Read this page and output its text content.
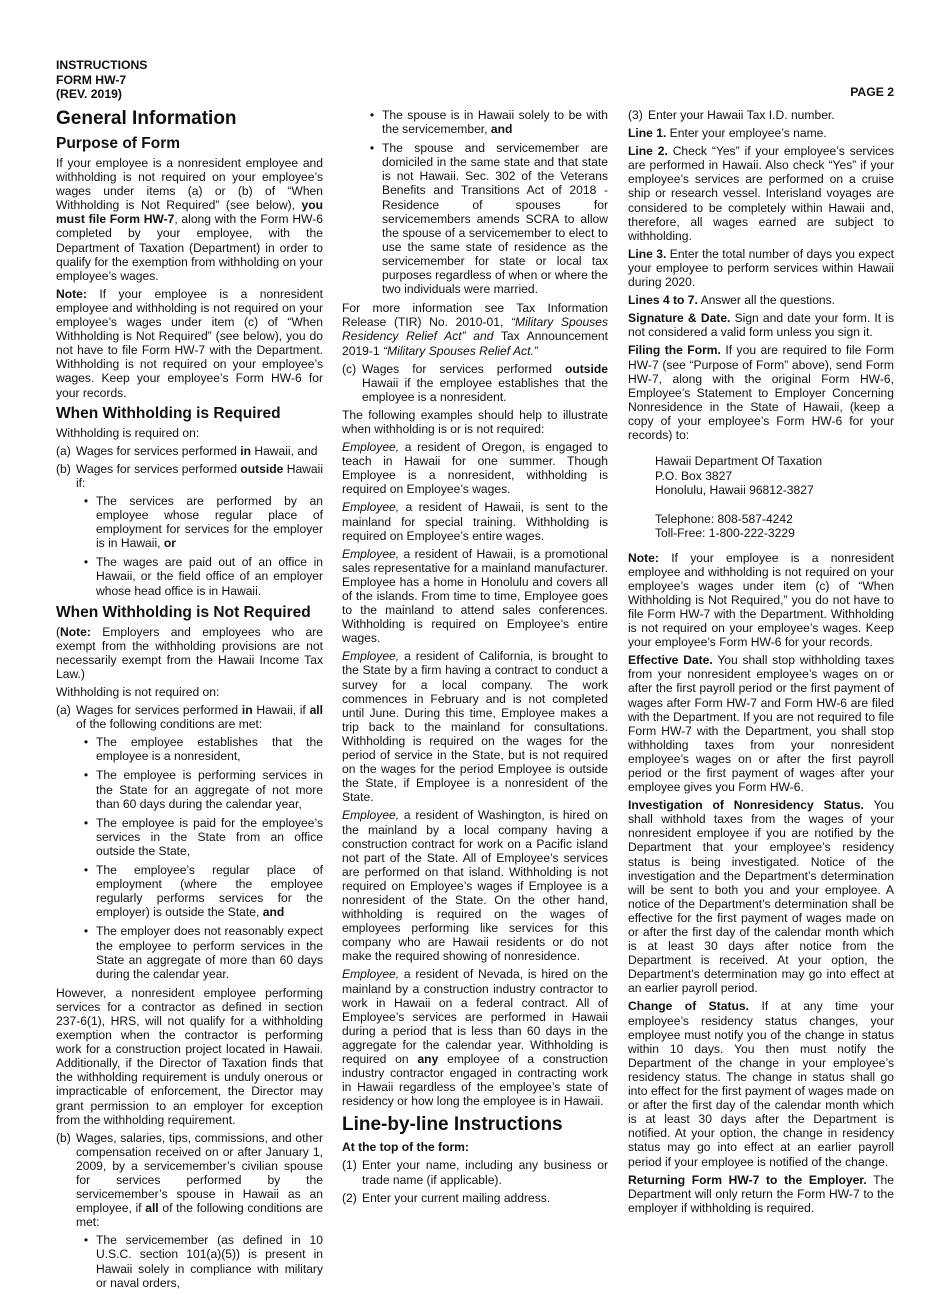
INSTRUCTIONS
FORM HW-7
(REV. 2019)	PAGE 2
General Information
Purpose of Form

If your employee is a nonresident employee and withholding is not required on your employee’s wages under items (a) or (b) of “When Withholding is Not Required” (see below), you must file Form HW-7, along with the Form HW-6 completed by your employee, with the Department of Taxation (Department) in order to qualify for the exemption from withholding on your employee’s wages.

Note: If your employee is a nonresident employee and withholding is not required on your employee’s wages under item (c) of “When Withholding is Not Required” (see below), you do not have to file Form HW-7 with the Department. Withholding is not required on your employee’s wages. Keep your employee’s Form HW-6 for your records.

When Withholding is Required

Withholding is required on:

(a) Wages for services performed in Hawaii, and
(b) Wages for services performed outside Hawaii if:
• The services are performed by an employee whose regular place of employment for services for the employer is in Hawaii, or
• The wages are paid out of an office in Hawaii, or the field office of an employer whose head office is in Hawaii.
When Withholding is Not Required

(Note: Employers and employees who are exempt from the withholding provisions are not necessarily exempt from the Hawaii Income Tax Law.)

Withholding is not required on:

(a) Wages for services performed in Hawaii, if all of the following conditions are met:
• The employee establishes that the employee is a nonresident,
• The employee is performing services in the State for an aggregate of not more than 60 days during the calendar year,
• The employee is paid for the employee’s services in the State from an office outside the State,
• The employee’s regular place of employment (where the employee regularly performs services for the employer) is outside the State, and
• The employer does not reasonably expect the employee to perform services in the State an aggregate of more than 60 days during the calendar year.

However, a nonresident employee performing services for a contractor as defined in section 237-6(1), HRS, will not qualify for a withholding exemption when the contractor is performing work for a construction project located in Hawaii. Additionally, if the Director of Taxation finds that the withholding requirement is unduly onerous or impracticable of enforcement, the Director may grant permission to an employer for exception from the withholding requirement.

(b) Wages, salaries, tips, commissions, and other compensation received on or after January 1, 2009, by a servicemember’s civilian spouse for services performed by the servicemember’s spouse in Hawaii as an employee, if all of the following conditions are met:
• The servicemember (as defined in 10 U.S.C. section 101(a)(5)) is present in Hawaii solely in compliance with military or naval orders,
• The spouse is in Hawaii solely to be with the servicemember, and
• The spouse and servicemember are domiciled in the same state and that state is not Hawaii. Sec. 302 of the Veterans Benefits and Transitions Act of 2018 - Residence of spouses for servicemembers amends SCRA to allow the spouse of a servicemember to elect to use the same state of residence as the servicemember for state or local tax purposes regardless of when or where the two individuals were married.

For more information see Tax Information Release (TIR) No. 2010-01, “Military Spouses Residency Relief Act” and Tax Announcement 2019-1 “Military Spouses Relief Act.”

(c) Wages for services performed outside Hawaii if the employee establishes that the employee is a nonresident.

The following examples should help to illustrate when withholding is or is not required:

Employee, a resident of Oregon, is engaged to teach in Hawaii for one summer. Though Employee is a nonresident, withholding is required on Employee’s wages.

Employee, a resident of Hawaii, is sent to the mainland for special training. Withholding is required on Employee’s entire wages.

Employee, a resident of Hawaii, is a promotional sales representative for a mainland manufacturer. Employee has a home in Honolulu and covers all of the islands. From time to time, Employee goes to the mainland to attend sales conferences. Withholding is required on Employee’s entire wages.

Employee, a resident of California, is brought to the State by a firm having a contract to conduct a survey for a local company. The work commences in February and is not completed until June. During this time, Employee makes a trip back to the mainland for consultations. Withholding is required on the wages for the period of service in the State, but is not required on the wages for the period Employee is outside the State, if Employee is a nonresident of the State.

Employee, a resident of Washington, is hired on the mainland by a local company having a construction contract for work on a Pacific island not part of the State. All of Employee’s services are performed on that island. Withholding is not required on Employee’s wages if Employee is a nonresident of the State. On the other hand, withholding is required on the wages of employees performing like services for this company who are Hawaii residents or do not make the required showing of nonresidence.

Employee, a resident of Nevada, is hired on the mainland by a construction industry contractor to work in Hawaii on a federal contract. All of Employee’s services are performed in Hawaii during a period that is less than 60 days in the aggregate for the calendar year. Withholding is required on any employee of a construction industry contractor engaged in contracting work in Hawaii regardless of the employee’s state of residency or how long the employee is in Hawaii.

Line-by-line Instructions

At the top of the form:

(1) Enter your name, including any business or trade name (if applicable).
(2) Enter your current mailing address.
(3) Enter your Hawaii Tax I.D. number.

Line 1. Enter your employee’s name.

Line 2. Check “Yes” if your employee’s services are performed in Hawaii. Also check “Yes” if your employee’s services are performed on a cruise ship or research vessel. Interisland voyages are considered to be completely within Hawaii and, therefore, all wages earned are subject to withholding.

Line 3. Enter the total number of days you expect your employee to perform services within Hawaii during 2020.

Lines 4 to 7. Answer all the questions.

Signature & Date. Sign and date your form. It is not considered a valid form unless you sign it.

Filing the Form. If you are required to file Form HW-7 (see “Purpose of Form” above), send Form HW-7, along with the original Form HW-6, Employee’s Statement to Employer Concerning Nonresidence in the State of Hawaii, (keep a copy of your employee’s Form HW-6 for your records) to:

Hawaii Department Of Taxation
P.O. Box 3827
Honolulu, Hawaii 96812-3827
Telephone: 808-587-4242
Toll-Free: 1-800-222-3229

Note: If your employee is a nonresident employee and withholding is not required on your employee’s wages under item (c) of “When Withholding is Not Required,” you do not have to file Form HW-7 with the Department. Withholding is not required on your employee’s wages. Keep your employee’s Form HW-6 for your records.

Effective Date. You shall stop withholding taxes from your nonresident employee’s wages on or after the first payroll period or the first payment of wages after Form HW-7 and Form HW-6 are filed with the Department. If you are not required to file Form HW-7 with the Department, you shall stop withholding taxes from your nonresident employee’s wages on or after the first payroll period or the first payment of wages after your employee gives you Form HW-6.

Investigation of Nonresidency Status. You shall withhold taxes from the wages of your nonresident employee if you are notified by the Department that your employee’s residency status is being investigated. Notice of the investigation and the Department’s determination will be sent to both you and your employee. A notice of the Department’s determination shall be effective for the first payment of wages made on or after the first day of the calendar month which is at least 30 days after notice from the Department is received. At your option, the Department’s determination may go into effect at an earlier payroll period.

Change of Status. If at any time your employee’s residency status changes, your employee must notify you of the change in status within 10 days. You then must notify the Department of the change in your employee’s residency status. The change in status shall go into effect for the first payment of wages made on or after the first day of the calendar month which is at least 30 days after the Department is notified. At your option, the change in residency status may go into effect at an earlier payroll period if your employee is notified of the change.

Returning Form HW-7 to the Employer. The Department will only return the Form HW-7 to the employer if withholding is required.
